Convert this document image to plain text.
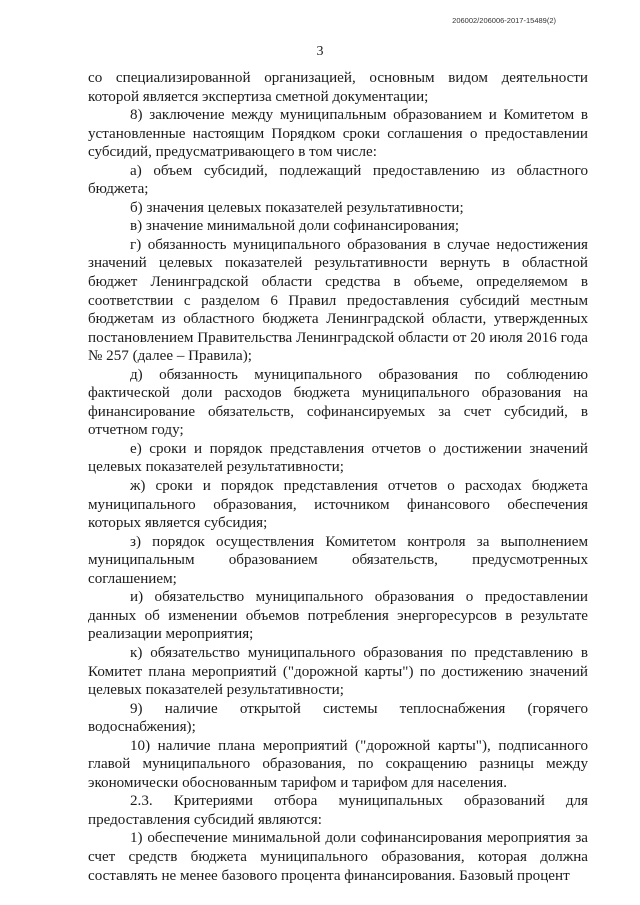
206002/206006-2017-15489(2)
3

со специализированной организацией, основным видом деятельности которой является экспертиза сметной документации;

8) заключение между муниципальным образованием и Комитетом в установленные настоящим Порядком сроки соглашения о предоставлении субсидий, предусматривающего в том числе:

а) объем субсидий, подлежащий предоставлению из областного бюджета;

б) значения целевых показателей результативности;

в) значение минимальной доли софинансирования;

г) обязанность муниципального образования в случае недостижения значений целевых показателей результативности вернуть в областной бюджет Ленинградской области средства в объеме, определяемом в соответствии с разделом 6 Правил предоставления субсидий местным бюджетам из областного бюджета Ленинградской области, утвержденных постановлением Правительства Ленинградской области от 20 июля 2016 года № 257 (далее – Правила);

д) обязанность муниципального образования по соблюдению фактической доли расходов бюджета муниципального образования на финансирование обязательств, софинансируемых за счет субсидий, в отчетном году;

е) сроки и порядок представления отчетов о достижении значений целевых показателей результативности;

ж) сроки и порядок представления отчетов о расходах бюджета муниципального образования, источником финансового обеспечения которых является субсидия;

з) порядок осуществления Комитетом контроля за выполнением муниципальным образованием обязательств, предусмотренных соглашением;

и) обязательство муниципального образования о предоставлении данных об изменении объемов потребления энергоресурсов в результате реализации мероприятия;

к) обязательство муниципального образования по представлению в Комитет плана мероприятий ("дорожной карты") по достижению значений целевых показателей результативности;

9) наличие открытой системы теплоснабжения (горячего водоснабжения);

10) наличие плана мероприятий ("дорожной карты"), подписанного главой муниципального образования, по сокращению разницы между экономически обоснованным тарифом и тарифом для населения.

2.3. Критериями отбора муниципальных образований для предоставления субсидий являются:

1) обеспечение минимальной доли софинансирования мероприятия за счет средств бюджета муниципального образования, которая должна составлять не менее базового процента финансирования. Базовый процент
